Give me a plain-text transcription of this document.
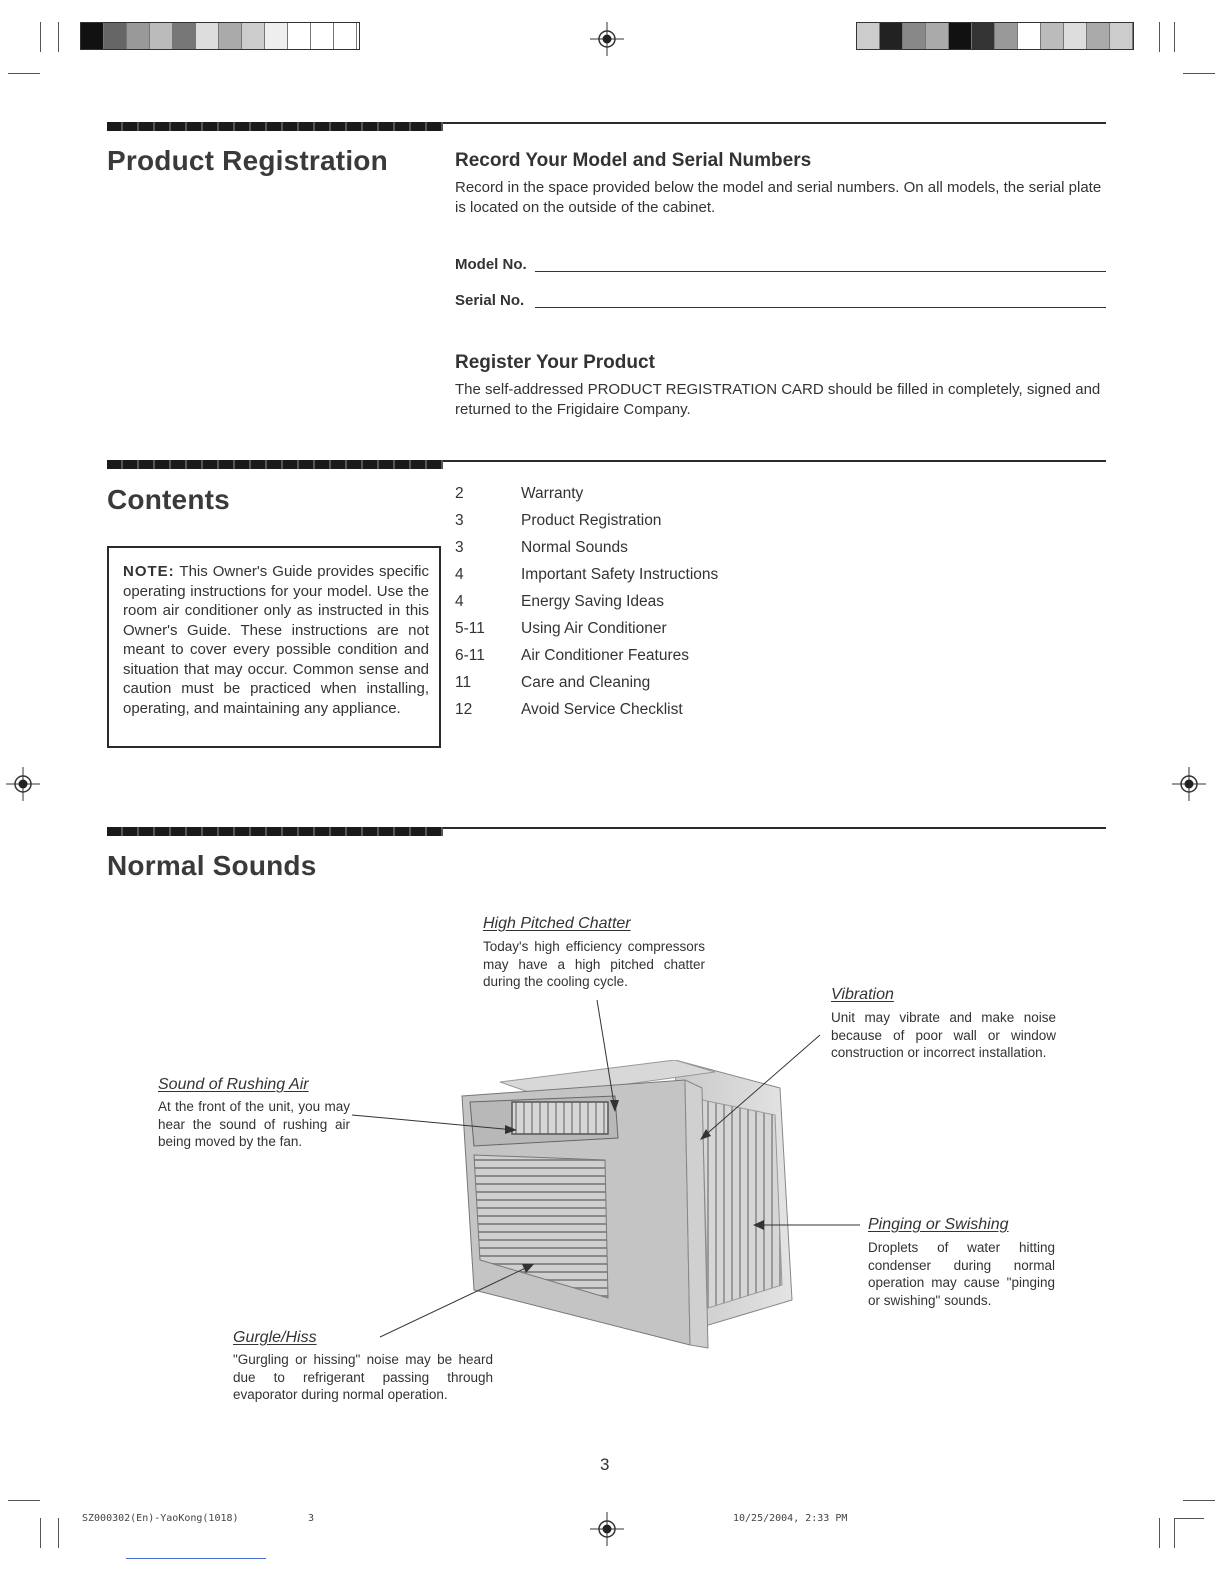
Product Registration	Record Your Model and Serial Numbers

Record in the space provided below the model and serial numbers. On all models, the serial plate is located on the outside of the cabinet.

Model No.
Serial No.
Register Your Product

The self-addressed PRODUCT REGISTRATION CARD should be filled in completely, signed and returned to the Frigidaire Company.

Contents

NOTE: This Owner's Guide provides specific operating instructions for your model. Use the room air conditioner only as instructed in this Owner's Guide. These instructions are not meant to cover every possible condition and situation that may occur. Common sense and caution must be practiced when installing, operating, and maintaining any appliance.

2	Warranty
3	Product Registration
3	Normal Sounds
4	Important Safety Instructions
4	Energy Saving Ideas
5-11 Using Air Conditioner
6-11 Air Conditioner Features
11	Care and Cleaning
12	Avoid Service Checklist
Normal Sounds
High Pitched Chatter

Today's high efficiency compressors may have a high pitched chatter during the cooling cycle.

Vibration

Unit may vibrate and make noise because of poor wall or window construction or incorrect installation.

Sound of Rushing Air

At the front of the unit, you may hear the sound of rushing air being moved by the fan.

Pinging or Swishing

Droplets of water hitting condenser during normal operation may cause "pinging or swishing" sounds.

Gurgle/Hiss

"Gurgling or hissing" noise may be heard due to refrigerant passing through evaporator during normal operation.

3
SZ000302(En)-YaoKong(1018)	3	10/25/2004, 2:33 PM
